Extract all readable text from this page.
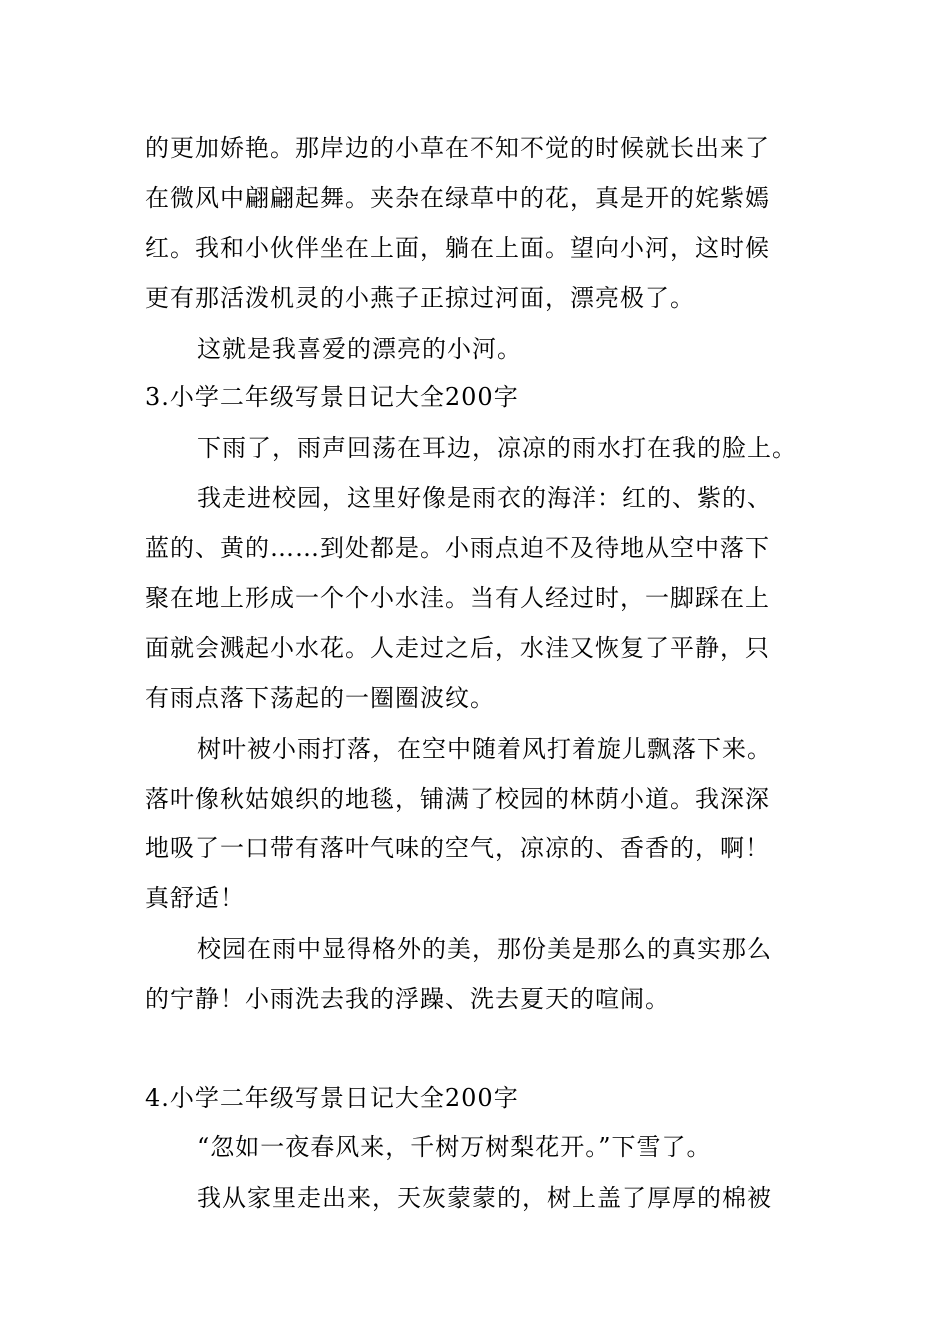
的更加娇艳。那岸边的小草在不知不觉的时候就长出来了
在微风中翩翩起舞。夹杂在绿草中的花，真是开的姹紫嫣
红。我和小伙伴坐在上面，躺在上面。望向小河，这时候
更有那活泼机灵的小燕子正掠过河面，漂亮极了。
这就是我喜爱的漂亮的小河。
3.小学二年级写景日记大全200字
下雨了，雨声回荡在耳边，凉凉的雨水打在我的脸上。
我走进校园，这里好像是雨衣的海洋：红的、紫的、
蓝的、黄的……到处都是。小雨点迫不及待地从空中落下
聚在地上形成一个个小水洼。当有人经过时，一脚踩在上
面就会溅起小水花。人走过之后，水洼又恢复了平静，只
有雨点落下荡起的一圈圈波纹。
树叶被小雨打落，在空中随着风打着旋儿飘落下来。
落叶像秋姑娘织的地毯，铺满了校园的林荫小道。我深深
地吸了一口带有落叶气味的空气，凉凉的、香香的，啊！
真舒适！
校园在雨中显得格外的美，那份美是那么的真实那么
的宁静！小雨洗去我的浮躁、洗去夏天的喧闹。
4.小学二年级写景日记大全200字
“忽如一夜春风来，千树万树梨花开。”下雪了。
我从家里走出来，天灰蒙蒙的，树上盖了厚厚的棉被
